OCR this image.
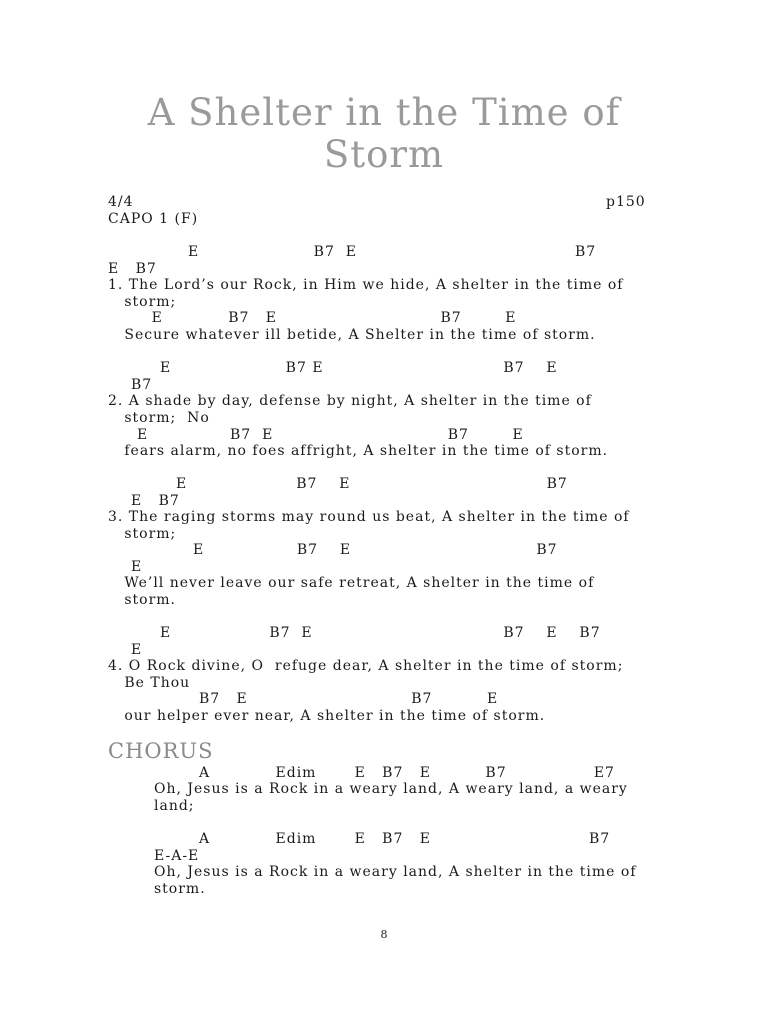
A Shelter in the Time of Storm
4/4	p150
CAPO 1 (F)
E                     B7  E                                        B7
E   B7
1. The Lord’s our Rock, in Him we hide, A shelter in the time of
storm;
E            B7   E                              B7        E
Secure whatever ill betide, A Shelter in the time of storm.
E                     B7 E                                 B7    E
B7
2. A shade by day, defense by night, A shelter in the time of
storm;  No
E               B7  E                                B7        E
fears alarm, no foes affright, A shelter in the time of storm.
E                    B7    E                                    B7
E   B7
3. The raging storms may round us beat, A shelter in the time of
storm;
E                 B7    E                                  B7
E
We’ll never leave our safe retreat, A shelter in the time of
storm.
E                  B7  E                                   B7    E    B7
E
4. O Rock divine, O  refuge dear, A shelter in the time of storm;
Be Thou
B7   E                              B7          E
our helper ever near, A shelter in the time of storm.
CHORUS
A            Edim       E   B7   E          B7                E7
Oh, Jesus is a Rock in a weary land, A weary land, a weary
land;
A            Edim       E   B7   E                             B7
E-A-E
Oh, Jesus is a Rock in a weary land, A shelter in the time of
storm.
8
